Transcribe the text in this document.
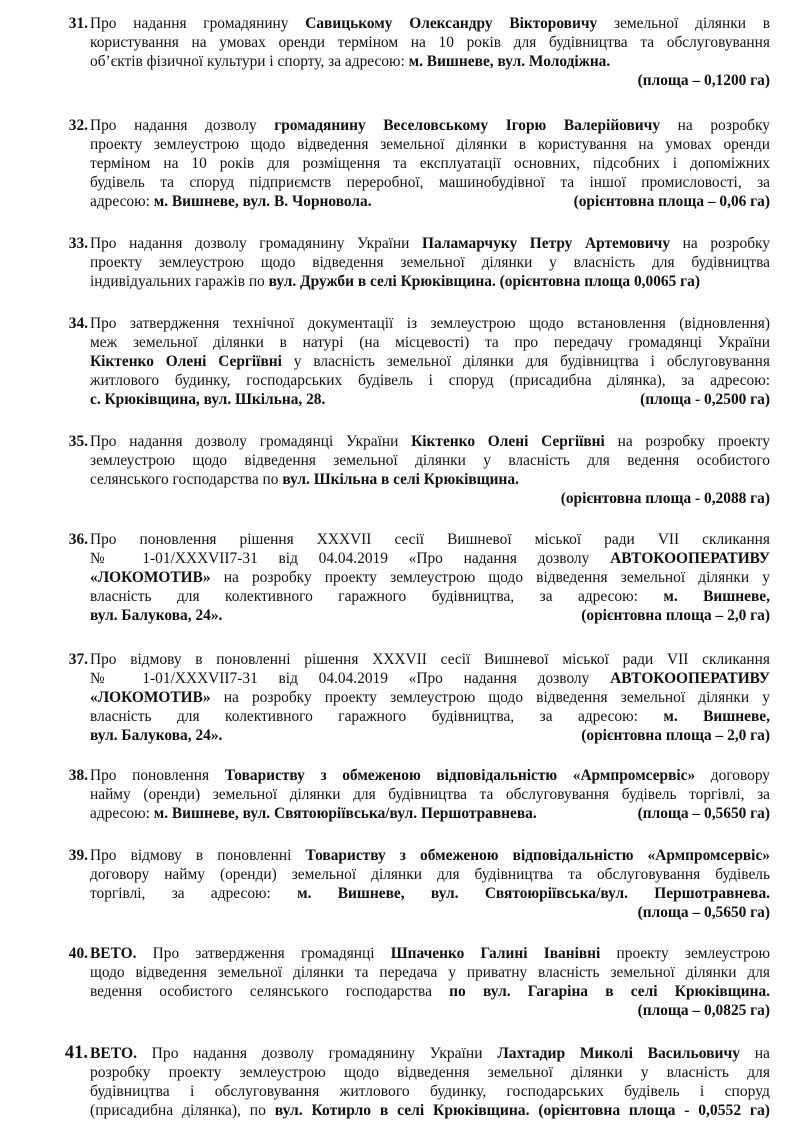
31. Про надання громадянину Савицькому Олександру Вікторовичу земельної ділянки в
користування на умовах оренди терміном на 10 років для будівництва та обслуговування
об’єктів фізичної культури і спорту, за адресою: м. Вишневе, вул. Молодіжна.
(площа – 0,1200 га)
32. Про надання дозволу громадянину Веселовському Ігорю Валерійовичу на розробку
проекту землеустрою щодо відведення земельної ділянки в користування на умовах оренди
терміном на 10 років для розміщення та експлуатації основних, підсобних і допоміжних
будівель та споруд підприємств переробної, машинобудівної та іншої промисловості, за
адресою: м. Вишневе, вул. В. Чорновола.	(орієнтовна площа – 0,06 га)
33. Про надання дозволу громадянину України Паламарчуку Петру Артемовичу на розробку
проекту землеустрою щодо відведення земельної ділянки у власність для будівництва
індивідуальних гаражів по вул. Дружби в селі Крюківщина. (орієнтовна площа 0,0065 га)
34. Про затвердження технічної документації із землеустрою щодо встановлення (відновлення)
меж земельної ділянки в натурі (на місцевості) та про передачу громадянці України
Кіктенко Олені Сергіївні у власність земельної ділянки для будівництва і обслуговування
житлового будинку, господарських будівель і споруд (присадибна ділянка), за адресою:
с. Крюківщина, вул. Шкільна, 28.	(площа - 0,2500 га)
35. Про надання дозволу громадянці України Кіктенко Олені Сергіївні на розробку проекту
землеустрою щодо відведення земельної ділянки у власність для ведення особистого
селянського господарства по вул. Шкільна в селі Крюківщина.
(орієнтовна площа - 0,2088 га)
36. Про поновлення рішення XXXVII сесії Вишневої міської ради VII скликання
№ 1-01/XXXVII7-31 від 04.04.2019 «Про надання дозволу АВТОКООПЕРАТИВУ
«ЛОКОМОТИВ» на розробку проекту землеустрою щодо відведення земельної ділянки у
власність для колективного гаражного будівництва, за адресою: м. Вишневе,
вул. Балукова, 24».	(орієнтовна площа – 2,0 га)
37. Про відмову в поновленні рішення XXXVII сесії Вишневої міської ради VII скликання
№ 1-01/XXXVII7-31 від 04.04.2019 «Про надання дозволу АВТОКООПЕРАТИВУ
«ЛОКОМОТИВ» на розробку проекту землеустрою щодо відведення земельної ділянки у
власність для колективного гаражного будівництва, за адресою: м. Вишневе,
вул. Балукова, 24».	(орієнтовна площа – 2,0 га)
38. Про поновлення Товариству з обмеженою відповідальністю «Армпромсервіс» договору
найму (оренди) земельної ділянки для будівництва та обслуговування будівель торгівлі, за
адресою: м. Вишневе, вул. Святоюріївська/вул. Першотравнева.	(площа – 0,5650 га)
39. Про відмову в поновленні Товариству з обмеженою відповідальністю «Армпромсервіс»
договору найму (оренди) земельної ділянки для будівництва та обслуговування будівель
торгівлі, за адресою: м. Вишневе, вул. Святоюріївська/вул. Першотравнева.
(площа – 0,5650 га)
40. ВЕТО. Про затвердження громадянці Шпаченко Галині Іванівні проекту землеустрою
щодо відведення земельної ділянки та передача у приватну власність земельної ділянки для
ведення особистого селянського господарства по вул. Гагаріна в селі Крюківщина.
(площа – 0,0825 га)
41. ВЕТО. Про надання дозволу громадянину України Лахтадир Миколі Васильовичу на
розробку проекту землеустрою щодо відведення земельної ділянки у власність для
будівництва і обслуговування житлового будинку, господарських будівель і споруд
(присадибна ділянка), по вул. Котирло в селі Крюківщина. (орієнтовна площа - 0,0552 га)
